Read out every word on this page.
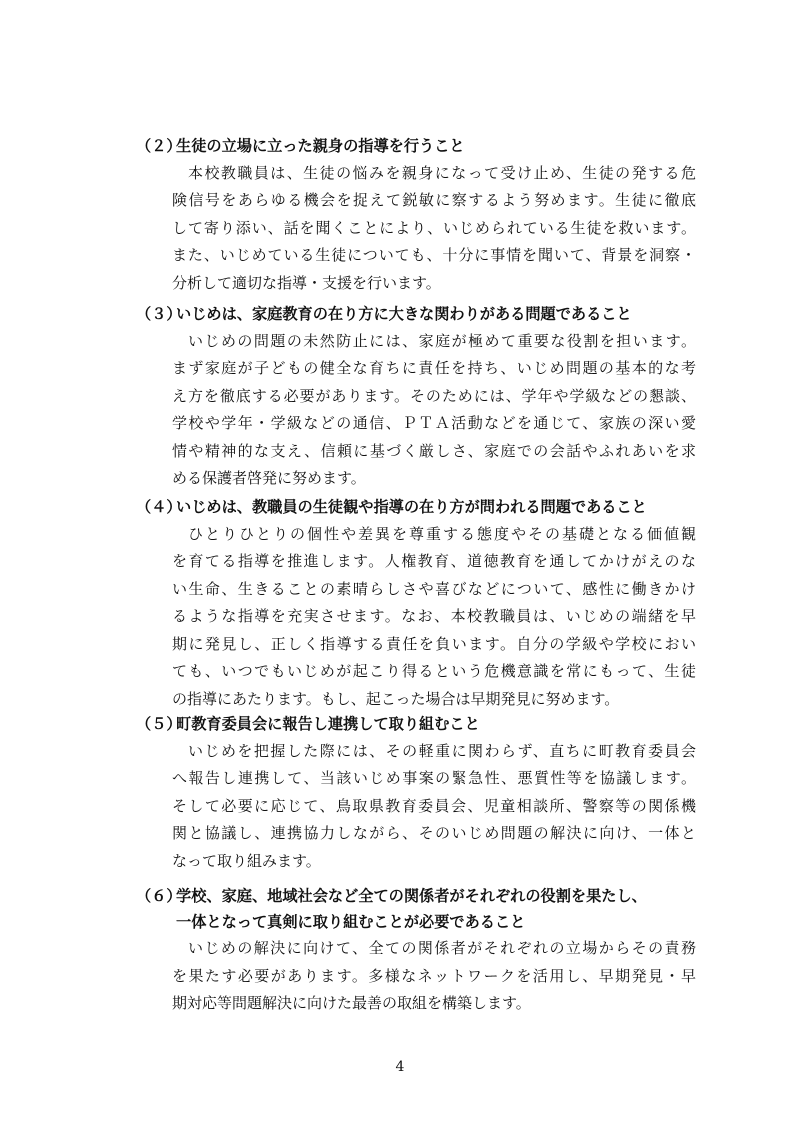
（２）
生徒の立場に立った親身の指導を行うこと
本校教職員は、生徒の悩みを親身になって受け止め、生徒の発する危
険信号をあらゆる機会を捉えて鋭敏に察するよう努めます。生徒に徹底
して寄り添い、話を聞くことにより、いじめられている生徒を救います。
また、いじめている生徒についても、十分に事情を聞いて、背景を洞察・
分析して適切な指導・支援を行います。
（３）
いじめは、家庭教育の在り方に大きな関わりがある問題であること
いじめの問題の未然防止には、家庭が極めて重要な役割を担います。
まず家庭が子どもの健全な育ちに責任を持ち、いじめ問題の基本的な考
え方を徹底する必要があります。そのためには、学年や学級などの懇談、
学校や学年・学級などの通信、ＰＴＡ活動などを通じて、家族の深い愛
情や精神的な支え、信頼に基づく厳しさ、家庭での会話やふれあいを求
める保護者啓発に努めます。
（４）
いじめは、教職員の生徒観や指導の在り方が問われる問題であること
ひとりひとりの個性や差異を尊重する態度やその基礎となる価値観
を育てる指導を推進します。人権教育、道徳教育を通してかけがえのな
い生命、生きることの素晴らしさや喜びなどについて、感性に働きかけ
るような指導を充実させます。なお、本校教職員は、いじめの端緒を早
期に発見し、正しく指導する責任を負います。自分の学級や学校におい
ても、いつでもいじめが起こり得るという危機意識を常にもって、生徒
の指導にあたります。もし、起こった場合は早期発見に努めます。
（５）
町教育委員会に報告し連携して取り組むこと
いじめを把握した際には、その軽重に関わらず、直ちに町教育委員会
へ報告し連携して、当該いじめ事案の緊急性、悪質性等を協議します。
そして必要に応じて、鳥取県教育委員会、児童相談所、警察等の関係機
関と協議し、連携協力しながら、そのいじめ問題の解決に向け、一体と
なって取り組みます。
（６）
学校、家庭、地域社会など全ての関係者がそれぞれの役割を果たし、
一体となって真剣に取り組むことが必要であること
いじめの解決に向けて、全ての関係者がそれぞれの立場からその責務
を果たす必要があります。多様なネットワークを活用し、早期発見・早
期対応等問題解決に向けた最善の取組を構築します。
4
